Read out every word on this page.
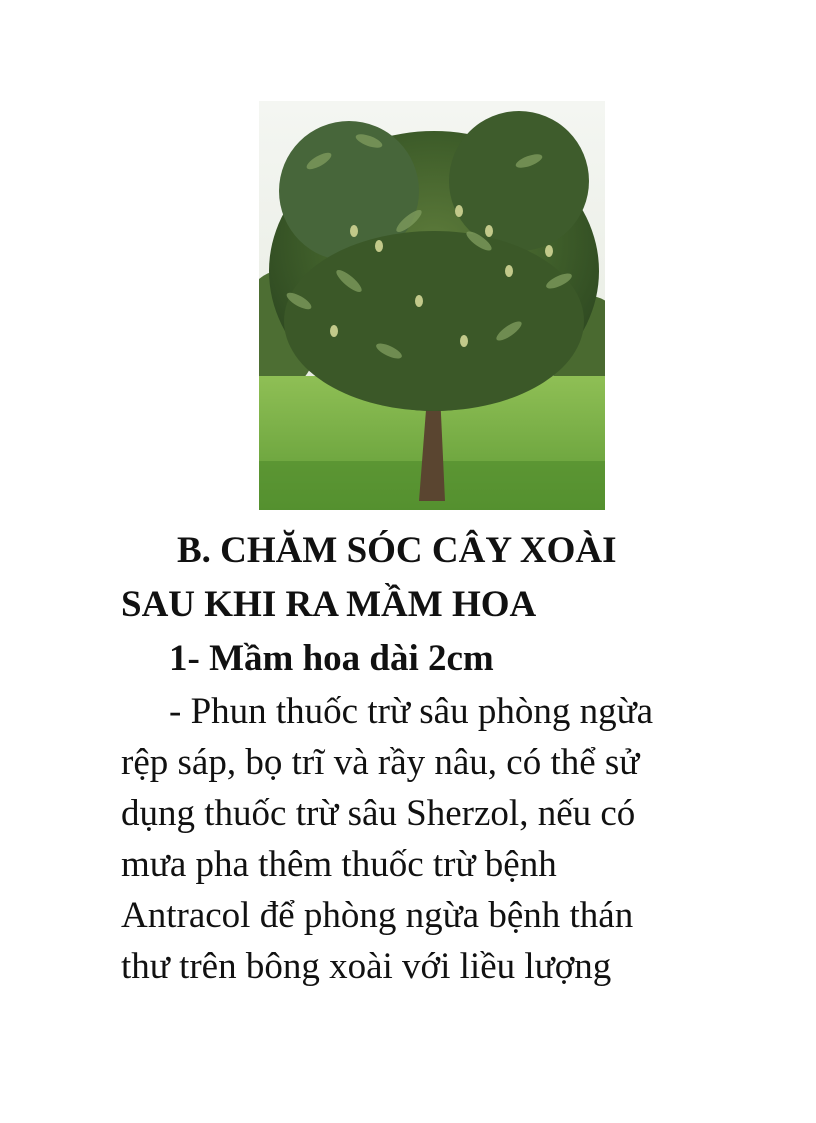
B. CHĂM SÓC CÂY XOÀI
SAU KHI RA MẦM HOA

1- Mầm hoa dài 2cm

- Phun thuốc trừ sâu phòng ngừa
rệp sáp, bọ trĩ và rầy nâu, có thể sử
dụng thuốc trừ sâu Sherzol, nếu có
mưa pha thêm thuốc trừ bệnh
Antracol để phòng ngừa bệnh thán
thư trên bông xoài với liều lượng
